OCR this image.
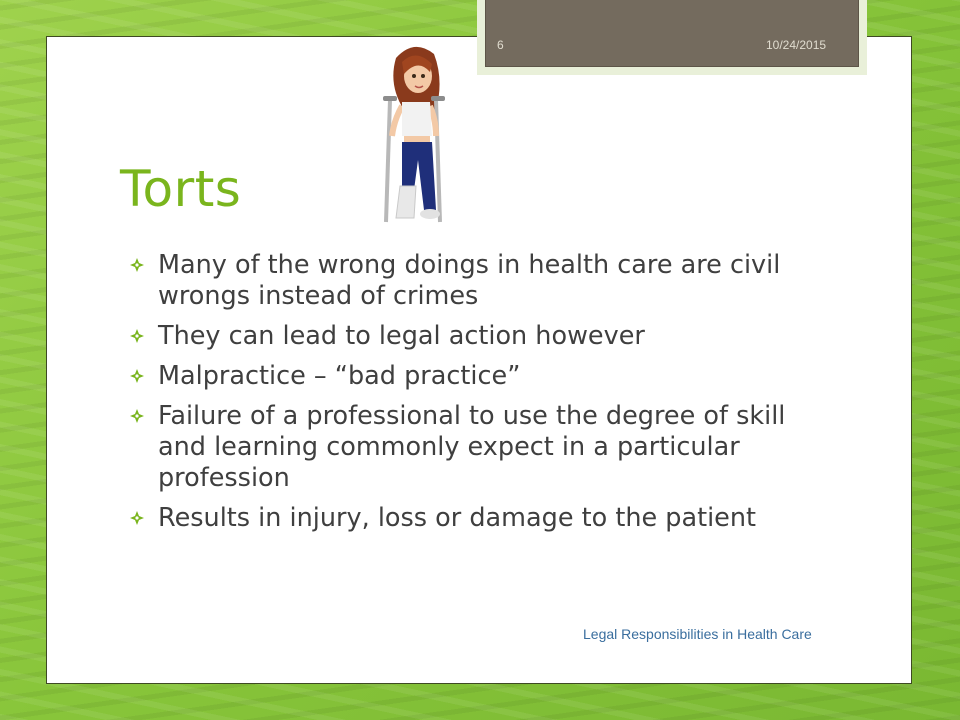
6	10/24/2015
Torts
Many of the wrong doings in health care are civil wrongs instead of crimes
They can lead to legal action however
Malpractice – “bad practice”
Failure of a professional to use the degree of skill and learning commonly expect in a particular profession
Results in injury, loss or damage to the patient
Legal Responsibilities in Health Care
